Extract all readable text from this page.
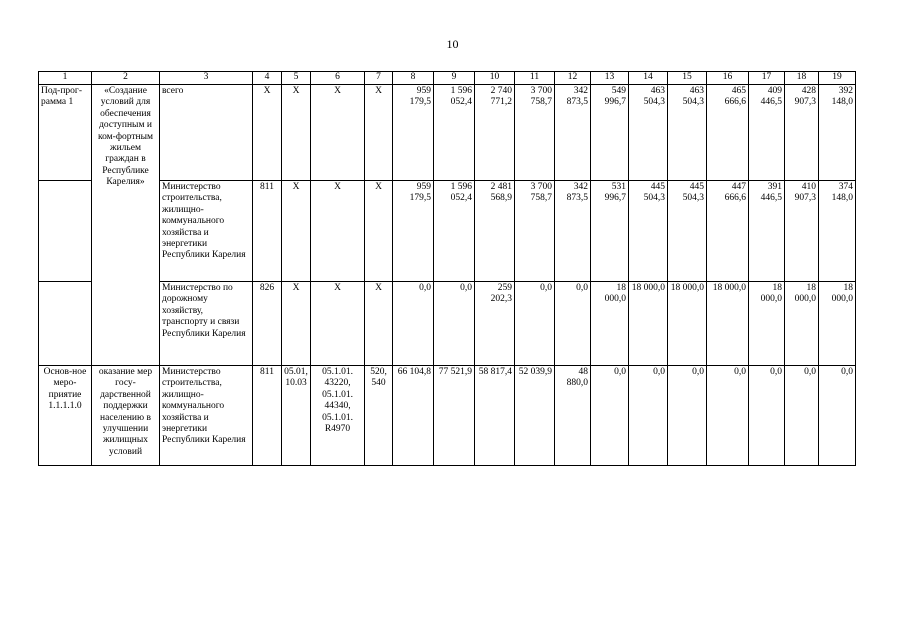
10
1	2	3	4	5	6	7	8	9	10	11	12	13	14	15	16	17	18	19
Под-прог-рамма 1	«Создание условий для обеспечения доступным и ком-фортным жильем граждан в Республике Карелия»	всего	Х	Х	Х	Х	959 179,5	1 596 052,4	2 740 771,2	3 700 758,7	342 873,5	549 996,7	463 504,3	463 504,3	465 666,6	409 446,5	428 907,3	392 148,0
		Министерство строительства, жилищно-коммунального хозяйства и энергетики Республики Карелия	811	Х	Х	Х	959 179,5	1 596 052,4	2 481 568,9	3 700 758,7	342 873,5	531 996,7	445 504,3	445 504,3	447 666,6	391 446,5	410 907,3	374 148,0
		Министерство по дорожному хозяйству, транспорту и связи Республики Карелия	826	Х	Х	Х	0,0	0,0	259 202,3	0,0	0,0	18 000,0	18 000,0	18 000,0	18 000,0	18 000,0	18 000,0	18 000,0
Основ-ное меро-приятие 1.1.1.1.0	оказание мер госу-дарственной поддержки населению в улучшении жилищных условий	Министерство строительства, жилищно-коммунального хозяйства и энергетики Республики Карелия	811	05.01, 10.03	05.1.01. 43220, 05.1.01. 44340, 05.1.01. R4970	520, 540	66 104,8	77 521,9	58 817,4	52 039,9	48 880,0	0,0	0,0	0,0	0,0	0,0	0,0	0,0
